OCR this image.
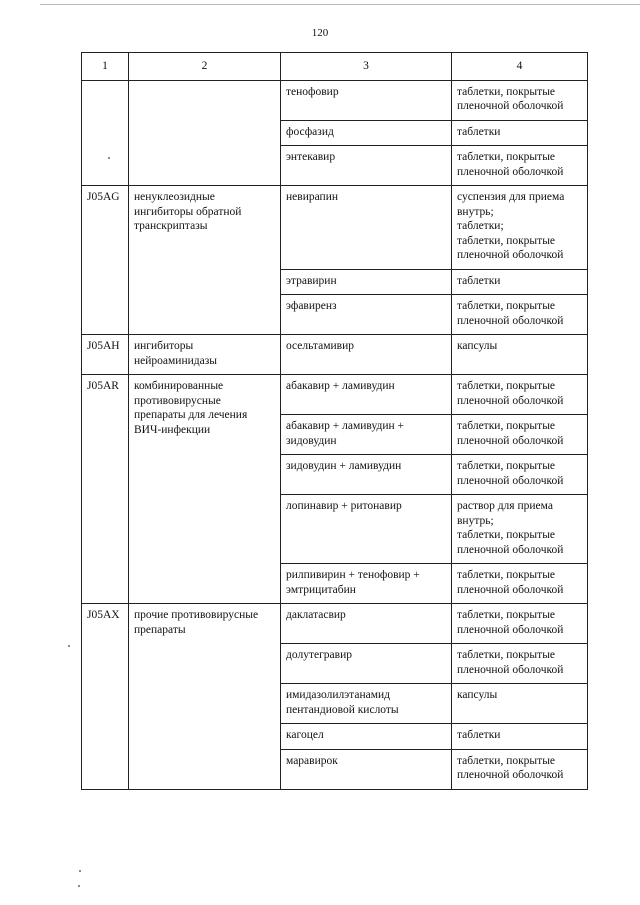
120
1	2	3	4

		тенофовир	таблетки, покрытые
пленочной оболочкой

		фосфазид	таблетки

		энтекавир	таблетки, покрытые
пленочной оболочкой

J05AG	ненуклеозидные
ингибиторы обратной
транскриптазы	невирапин	суспензия для приема
внутрь;
таблетки;
таблетки, покрытые
пленочной оболочкой

		этравирин	таблетки

		эфавиренз	таблетки, покрытые
пленочной оболочкой

J05AH	ингибиторы
нейроаминидазы	осельтамивир	капсулы

J05AR	комбинированные
противовирусные
препараты для лечения
ВИЧ-инфекции	абакавир + ламивудин	таблетки, покрытые
пленочной оболочкой

		абакавир + ламивудин +
зидовудин	таблетки, покрытые
пленочной оболочкой

		зидовудин + ламивудин	таблетки, покрытые
пленочной оболочкой

		лопинавир + ритонавир	раствор для приема
внутрь;
таблетки, покрытые
пленочной оболочкой

		рилпивирин + тенофовир +
эмтрицитабин	таблетки, покрытые
пленочной оболочкой

J05AX	прочие противовирусные
препараты	даклатасвир	таблетки, покрытые
пленочной оболочкой

		долутегравир	таблетки, покрытые
пленочной оболочкой

		имидазолилэтанамид
пентандиовой кислоты	капсулы

		кагоцел	таблетки

		маравирок	таблетки, покрытые
пленочной оболочкой
